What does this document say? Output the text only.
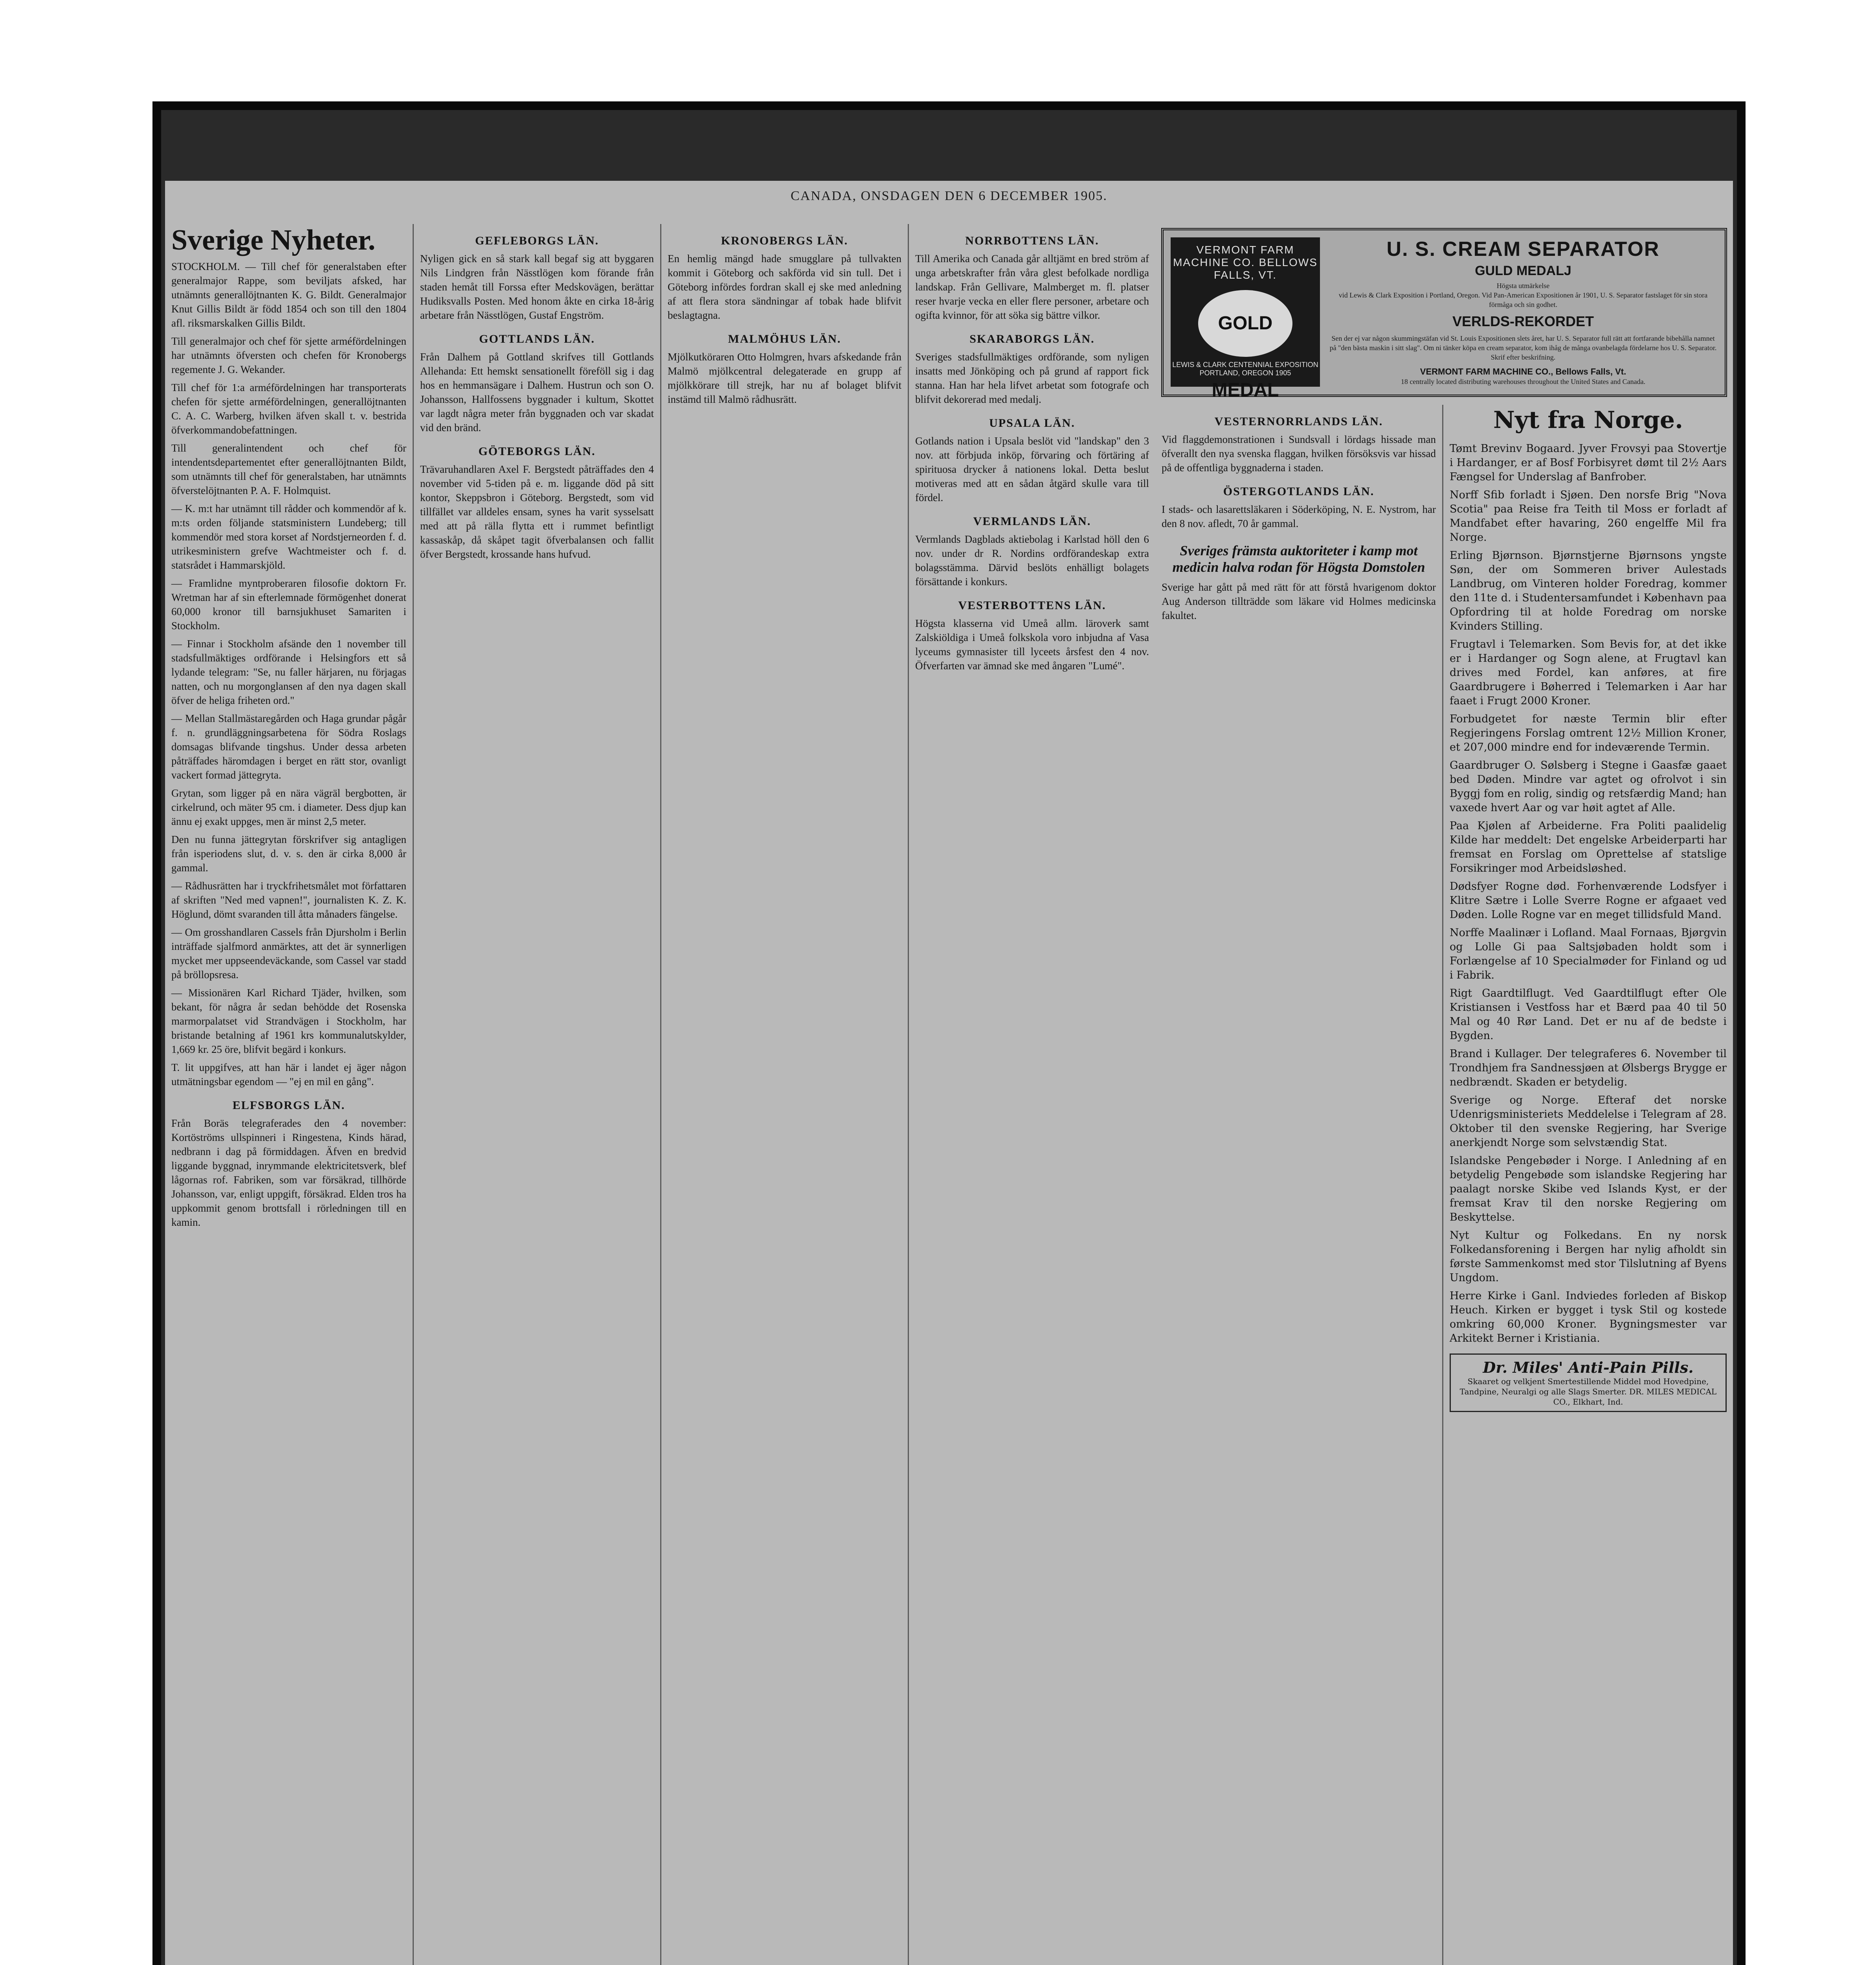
CANADA, ONSDAGEN DEN 6 DECEMBER 1905.
Sverige Nyheter.

STOCKHOLM. — Till chef för generalstaben efter generalmajor Rappe, som beviljats afsked, har utnämnts generallöjtnanten K. G. Bildt. Generalmajor Knut Gillis Bildt är född 1854 och son till den 1804 afl. riksmarskalken Gillis Bildt.

Till generalmajor och chef för sjette arméfördelningen har utnämnts öfversten och chefen för Kronobergs regemente J. G. Wekander.

Till chef för 1:a arméfördelningen har transporterats chefen för sjette arméfördelningen, generallöjtnanten C. A. C. Warberg, hvilken äfven skall t. v. bestrida öfverkommandobefattningen.

Till generalintendent och chef för intendentsdepartementet efter generallöjtnanten Bildt, som utnämnts till chef för generalstaben, har utnämnts öfverstelöjtnanten P. A. F. Holmquist.

— K. m:t har utnämnt till rådder och kommendör af k. m:ts orden följande statsministern Lundeberg; till kommendör med stora korset af Nordstjerneorden f. d. utrikesministern grefve Wachtmeister och f. d. statsrådet i Hammarskjöld.

— Framlidne myntproberaren filosofie doktorn Fr. Wretman har af sin efterlemnade förmögenhet donerat 60,000 kronor till barnsjukhuset Samariten i Stockholm.

— Finnar i Stockholm afsände den 1 november till stadsfullmäktiges ordförande i Helsingfors ett så lydande telegram: "Se, nu faller härjaren, nu förjagas natten, och nu morgonglansen af den nya dagen skall öfver de heliga friheten ord."

— Mellan Stallmästaregården och Haga grundar pågår f. n. grundläggningsarbetena för Södra Roslags domsagas blifvande tingshus. Under dessa arbeten påträffades häromdagen i berget en rätt stor, ovanligt vackert formad jättegryta.

Grytan, som ligger på en nära vägräl bergbotten, är cirkelrund, och mäter 95 cm. i diameter. Dess djup kan ännu ej exakt uppges, men är minst 2,5 meter.

Den nu funna jättegrytan förskrifver sig antagligen från isperiodens slut, d. v. s. den är cirka 8,000 år gammal.

— Rådhusrätten har i tryckfrihetsmålet mot författaren af skriften "Ned med vapnen!", journalisten K. Z. K. Höglund, dömt svaranden till åtta månaders fängelse.

— Om grosshandlaren Cassels från Djursholm i Berlin inträffade sjalfmord anmärktes, att det är synnerligen mycket mer uppseendeväckande, som Cassel var stadd på bröllopsresa.

— Missionären Karl Richard Tjäder, hvilken, som bekant, för några år sedan behödde det Rosenska marmorpalatset vid Strandvägen i Stockholm, har bristande betalning af 1961 krs kommunalutskylder, 1,669 kr. 25 öre, blifvit begärd i konkurs.

T. lit uppgifves, att han här i landet ej äger någon utmätningsbar egendom — "ej en mil en gång".

ELFSBORGS LÄN.

Från Boräs telegraferades den 4 november: Kortöströms ullspinneri i Ringestena, Kinds härad, nedbrann i dag på förmiddagen. Äfven en bredvid liggande byggnad, inrymmande elektricitetsverk, blef lågornas rof. Fabriken, som var försäkrad, tillhörde Johansson, var, enligt uppgift, försäkrad. Elden tros ha uppkommit genom brottsfall i rörledningen till en kamin.

GEFLEBORGS LÄN.

Nyligen gick en så stark kall begaf sig att byggaren Nils Lindgren från Nässtlögen kom förande från staden hemåt till Forssa efter Medskovägen, berättar Hudiksvalls Posten. Med honom åkte en cirka 18-årig arbetare från Nässtlögen, Gustaf Engström.

GOTTLANDS LÄN.

Från Dalhem på Gottland skrifves till Gottlands Allehanda: Ett hemskt sensationellt föreföll sig i dag hos en hemmansägare i Dalhem. Hustrun och son O. Johansson, Hallfossens byggnader i kultum, Skottet var lagdt några meter från byggnaden och var skadat vid den bränd.

GÖTEBORGS LÄN.

Trävaruhandlaren Axel F. Bergstedt påträffades den 4 november vid 5-tiden på e. m. liggande död på sitt kontor, Skeppsbron i Göteborg. Bergstedt, som vid tillfället var alldeles ensam, synes ha varit sysselsatt med att på rälla flytta ett i rummet befintligt kassaskåp, då skåpet tagit öfverbalansen och fallit öfver Bergstedt, krossande hans hufvud.

KRONOBERGS LÄN.

En hemlig mängd hade smugglare på tullvakten kommit i Göteborg och sakförda vid sin tull. Det i Göteborg infördes fordran skall ej ske med anledning af att flera stora sändningar af tobak hade blifvit beslagtagna.

MALMÖHUS LÄN.

Mjölkutköraren Otto Holmgren, hvars afskedande från Malmö mjölkcentral delegaterade en grupp af mjölkkörare till strejk, har nu af bolaget blifvit instämd till Malmö rådhusrätt.

NORRBOTTENS LÄN.

Till Amerika och Canada går alltjämt en bred ström af unga arbetskrafter från våra glest befolkade nordliga landskap. Från Gellivare, Malmberget m. fl. platser reser hvarje vecka en eller flere personer, arbetare och ogifta kvinnor, för att söka sig bättre vilkor.

SKARABORGS LÄN.

Sveriges stadsfullmäktiges ordförande, som nyligen insatts med Jönköping och på grund af rapport fick stanna. Han har hela lifvet arbetat som fotografe och blifvit dekorerad med medalj.

UPSALA LÄN.

Gotlands nation i Upsala beslöt vid "landskap" den 3 nov. att förbjuda inköp, förvaring och förtäring af spirituosa drycker å nationens lokal. Detta beslut motiveras med att en sådan åtgärd skulle vara till fördel.

VERMLANDS LÄN.

Vermlands Dagblads aktiebolag i Karlstad höll den 6 nov. under dr R. Nordins ordförandeskap extra bolagsstämma. Därvid beslöts enhälligt bolagets försättande i konkurs.

VESTERBOTTENS LÄN.

Högsta klasserna vid Umeå allm. läroverk samt Zalskiöldiga i Umeå folkskola voro inbjudna af Vasa lyceums gymnasister till lyceets årsfest den 4 nov. Öfverfarten var ämnad ske med ångaren "Lumé".

VERMONT FARM MACHINE CO. BELLOWS FALLS, VT.
GOLD MEDAL
LEWIS & CLARK CENTENNIAL EXPOSITION PORTLAND, OREGON 1905
U. S. CREAM SEPARATOR
GULD MEDALJ
Högsta utmärkelse
vid Lewis & Clark Exposition i Portland, Oregon. Vid Pan-American Expositionen år 1901, U. S. Separator fastslaget för sin stora förmåga och sin godhet.
VERLDS-REKORDET
Sen der ej var någon skummingstäfan vid St. Louis Expositionen slets året, har U. S. Separator full rätt att fortfarande bibehålla namnet på "den bästa maskin i sitt slag". Om ni tänker köpa en cream separator, kom ihåg de många ovanbelagda fördelarne hos U. S. Separator. Skrif efter beskrifning.
VERMONT FARM MACHINE CO., Bellows Falls, Vt.
18 centrally located distributing warehouses throughout the United States and Canada.
VESTERNORRLANDS LÄN.

Vid flaggdemonstrationen i Sundsvall i lördags hissade man öfverallt den nya svenska flaggan, hvilken försöksvis var hissad på de offentliga byggnaderna i staden.

ÖSTERGOTLANDS LÄN.

I stads- och lasarettsläkaren i Söderköping, N. E. Nystrom, har den 8 nov. afledt, 70 år gammal.

Sveriges främsta auktoriteter i kamp mot medicin halva rodan för Högsta Domstolen

Sverige har gått på med rätt för att förstå hvarigenom doktor Aug Anderson tillträdde som läkare vid Holmes medicinska fakultet.

Nyt fra Norge.

Tømt Brevinv Bogaard. Jyver Frovsyi paa Stovertje i Hardanger, er af Bosf Forbisyret dømt til 2½ Aars Fængsel for Underslag af Banfrober.

Norff Sfib forladt i Sjøen. Den norsfe Brig "Nova Scotia" paa Reise fra Teith til Moss er forladt af Mandfabet efter havaring, 260 engelffe Mil fra Norge.

Erling Bjørnson. Bjørnstjerne Bjørnsons yngste Søn, der om Sommeren briver Aulestads Landbrug, om Vinteren holder Foredrag, kommer den 11te d. i Studentersamfundet i København paa Opfordring til at holde Foredrag om norske Kvinders Stilling.

Frugtavl i Telemarken. Som Bevis for, at det ikke er i Hardanger og Sogn alene, at Frugtavl kan drives med Fordel, kan anføres, at fire Gaardbrugere i Bøherred i Telemarken i Aar har faaet i Frugt 2000 Kroner.

Forbudgetet for næste Termin blir efter Regjeringens Forslag omtrent 12½ Million Kroner, et 207,000 mindre end for indeværende Termin.

Gaardbruger O. Sølsberg i Stegne i Gaasfæ gaaet bed Døden. Mindre var agtet og ofrolvot i sin Byggj fom en rolig, sindig og retsfærdig Mand; han vaxede hvert Aar og var høit agtet af Alle.

Paa Kjølen af Arbeiderne. Fra Politi paalidelig Kilde har meddelt: Det engelske Arbeiderparti har fremsat en Forslag om Oprettelse af statslige Forsikringer mod Arbeidsløshed.

Dødsfyer Rogne død. Forhenværende Lodsfyer i Klitre Sætre i Lolle Sverre Rogne er afgaaet ved Døden. Lolle Rogne var en meget tillidsfuld Mand.

Norffe Maalinær i Lofland. Maal Fornaas, Bjørgvin og Lolle Gi paa Saltsjøbaden holdt som i Forlængelse af 10 Specialmøder for Finland og ud i Fabrik.

Rigt Gaardtilflugt. Ved Gaardtilflugt efter Ole Kristiansen i Vestfoss har et Bærd paa 40 til 50 Mal og 40 Rør Land. Det er nu af de bedste i Bygden.

Brand i Kullager. Der telegraferes 6. November til Trondhjem fra Sandnessjøen at Ølsbergs Brygge er nedbrændt. Skaden er betydelig.

Sverige og Norge. Efteraf det norske Udenrigsministeriets Meddelelse i Telegram af 28. Oktober til den svenske Regjering, har Sverige anerkjendt Norge som selvstændig Stat.

Islandske Pengebøder i Norge. I Anledning af en betydelig Pengebøde som islandske Regjering har paalagt norske Skibe ved Islands Kyst, er der fremsat Krav til den norske Regjering om Beskyttelse.

Nyt Kultur og Folkedans. En ny norsk Folkedansforening i Bergen har nylig afholdt sin første Sammenkomst med stor Tilslutning af Byens Ungdom.

Herre Kirke i Ganl. Indviedes forleden af Biskop Heuch. Kirken er bygget i tysk Stil og kostede omkring 60,000 Kroner. Bygningsmester var Arkitekt Berner i Kristiania.

Dr. Miles' Anti-Pain Pills.
Skaaret og velkjent Smertestillende Middel mod Hovedpine, Tandpine, Neuralgi og alle Slags Smerter. DR. MILES MEDICAL CO., Elkhart, Ind.
